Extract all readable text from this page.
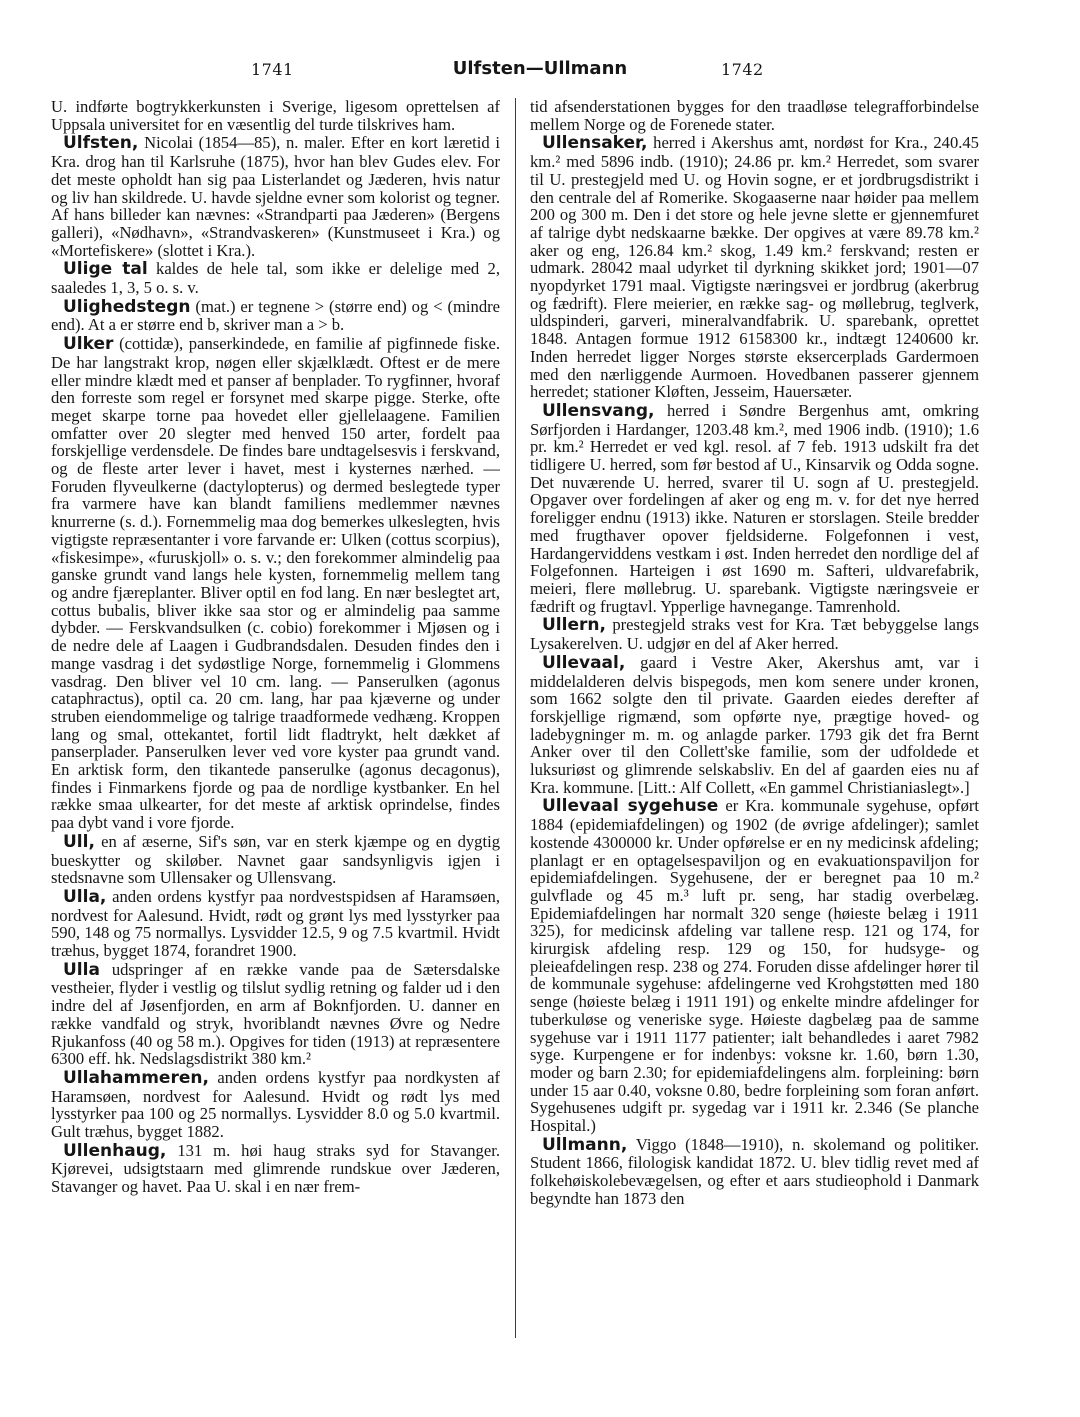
1741	Ulfsten—Ullmann	1742

U. indførte bogtrykkerkunsten i Sverige, ligesom oprettelsen af Uppsala universitet for en væsentlig del turde tilskrives ham.

Ulfsten, Nicolai (1854—85), n. maler. Efter en kort læretid i Kra. drog han til Karlsruhe (1875), hvor han blev Gudes elev. For det meste opholdt han sig paa Listerlandet og Jæderen, hvis natur og liv han skildrede. U. havde sjeldne evner som kolorist og tegner. Af hans billeder kan nævnes: «Strandparti paa Jæderen» (Bergens galleri), «Nødhavn», «Strandvaskeren» (Kunstmuseet i Kra.) og «Mortefiskere» (slottet i Kra.).

Ulige tal kaldes de hele tal, som ikke er delelige med 2, saaledes 1, 3, 5 o. s. v.

Ulighedstegn (mat.) er tegnene > (større end) og < (mindre end). At a er større end b, skriver man a > b.

Ulker (cottidæ), panserkindede, en familie af pigfinnede fiske. De har langstrakt krop, nøgen eller skjælklædt. Oftest er de mere eller mindre klædt med et panser af benplader. To rygfinner, hvoraf den forreste som regel er forsynet med skarpe pigge. Sterke, ofte meget skarpe torne paa hovedet eller gjellelaagene. Familien omfatter over 20 slegter med henved 150 arter, fordelt paa forskjellige verdensdele. De findes bare undtagelsesvis i ferskvand, og de fleste arter lever i havet, mest i kysternes nærhed. — Foruden flyveulkerne (dactylopterus) og dermed beslegtede typer fra varmere have kan blandt familiens medlemmer nævnes knurrerne (s. d.). Fornemmelig maa dog bemerkes ulkeslegten, hvis vigtigste repræsentanter i vore farvande er: Ulken (cottus scorpius), «fiskesimpe», «furuskjoll» o. s. v.; den forekommer almindelig paa ganske grundt vand langs hele kysten, fornemmelig mellem tang og andre fjæreplanter. Bliver optil en fod lang. En nær beslegtet art, cottus bubalis, bliver ikke saa stor og er almindelig paa samme dybder. — Ferskvandsulken (c. cobio) forekommer i Mjøsen og i de nedre dele af Laagen i Gudbrandsdalen. Desuden findes den i mange vasdrag i det sydøstlige Norge, fornemmelig i Glommens vasdrag. Den bliver vel 10 cm. lang. — Panserulken (agonus cataphractus), optil ca. 20 cm. lang, har paa kjæverne og under struben eiendommelige og talrige traadformede vedhæng. Kroppen lang og smal, ottekantet, fortil lidt fladtrykt, helt dækket af panserplader. Panserulken lever ved vore kyster paa grundt vand. En arktisk form, den tikantede panserulke (agonus decagonus), findes i Finmarkens fjorde og paa de nordlige kystbanker. En hel række smaa ulkearter, for det meste af arktisk oprindelse, findes paa dybt vand i vore fjorde.

Ull, en af æserne, Sif's søn, var en sterk kjæmpe og en dygtig bueskytter og skiløber. Navnet gaar sandsynligvis igjen i stedsnavne som Ullensaker og Ullensvang.

Ulla, anden ordens kystfyr paa nordvestspidsen af Haramsøen, nordvest for Aalesund. Hvidt, rødt og grønt lys med lysstyrker paa 590, 148 og 75 normallys. Lysvidder 12.5, 9 og 7.5 kvartmil. Hvidt træhus, bygget 1874, forandret 1900.

Ulla udspringer af en række vande paa de Sætersdalske vestheier, flyder i vestlig og tilslut sydlig retning og falder ud i den indre del af Jøsenfjorden, en arm af Boknfjorden. U. danner en række vandfald og stryk, hvoriblandt nævnes Øvre og Nedre Rjukanfoss (40 og 58 m.). Opgives for tiden (1913) at repræsentere 6300 eff. hk. Nedslagsdistrikt 380 km.²

Ullahammeren, anden ordens kystfyr paa nordkysten af Haramsøen, nordvest for Aalesund. Hvidt og rødt lys med lysstyrker paa 100 og 25 normallys. Lysvidder 8.0 og 5.0 kvartmil. Gult træhus, bygget 1882.

Ullenhaug, 131 m. høi haug straks syd for Stavanger. Kjørevei, udsigtstaarn med glimrende rundskue over Jæderen, Stavanger og havet. Paa U. skal i en nær frem-

tid afsenderstationen bygges for den traadløse telegrafforbindelse mellem Norge og de Forenede stater.

Ullensaker, herred i Akershus amt, nordøst for Kra., 240.45 km.² med 5896 indb. (1910); 24.86 pr. km.² Herredet, som svarer til U. prestegjeld med U. og Hovin sogne, er et jordbrugsdistrikt i den centrale del af Romerike. Skogaaserne naar høider paa mellem 200 og 300 m. Den i det store og hele jevne slette er gjennemfuret af talrige dybt nedskaarne bække. Der opgives at være 89.78 km.² aker og eng, 126.84 km.² skog, 1.49 km.² ferskvand; resten er udmark. 28042 maal udyrket til dyrkning skikket jord; 1901—07 nyopdyrket 1791 maal. Vigtigste næringsvei er jordbrug (akerbrug og fædrift). Flere meierier, en række sag- og møllebrug, teglverk, uldspinderi, garveri, mineralvandfabrik. U. sparebank, oprettet 1848. Antagen formue 1912 6158300 kr., indtægt 1240600 kr. Inden herredet ligger Norges største eksercerplads Gardermoen med den nærliggende Aurmoen. Hovedbanen passerer gjennem herredet; stationer Kløften, Jesseim, Hauersæter.

Ullensvang, herred i Søndre Bergenhus amt, omkring Sørfjorden i Hardanger, 1203.48 km.², med 1906 indb. (1910); 1.6 pr. km.² Herredet er ved kgl. resol. af 7 feb. 1913 udskilt fra det tidligere U. herred, som før bestod af U., Kinsarvik og Odda sogne. Det nuværende U. herred, svarer til U. sogn af U. prestegjeld. Opgaver over fordelingen af aker og eng m. v. for det nye herred foreligger endnu (1913) ikke. Naturen er storslagen. Steile bredder med frugthaver opover fjeldsiderne. Folgefonnen i vest, Hardangerviddens vestkam i øst. Inden herredet den nordlige del af Folgefonnen. Harteigen i øst 1690 m. Safteri, uldvarefabrik, meieri, flere møllebrug. U. sparebank. Vigtigste næringsveie er fædrift og frugtavl. Ypperlige havnegange. Tamrenhold.

Ullern, prestegjeld straks vest for Kra. Tæt bebyggelse langs Lysakerelven. U. udgjør en del af Aker herred.

Ullevaal, gaard i Vestre Aker, Akershus amt, var i middelalderen delvis bispegods, men kom senere under kronen, som 1662 solgte den til private. Gaarden eiedes derefter af forskjellige rigmænd, som opførte nye, prægtige hoved- og ladebygninger m. m. og anlagde parker. 1793 gik det fra Bernt Anker over til den Collett'ske familie, som der udfoldede et luksuriøst og glimrende selskabsliv. En del af gaarden eies nu af Kra. kommune. [Litt.: Alf Collett, «En gammel Christianiaslegt».]

Ullevaal sygehuse er Kra. kommunale sygehuse, opført 1884 (epidemiafdelingen) og 1902 (de øvrige afdelinger); samlet kostende 4300000 kr. Under opførelse er en ny medicinsk afdeling; planlagt er en optagelsespaviljon og en evakuationspaviljon for epidemiafdelingen. Sygehusene, der er beregnet paa 10 m.² gulvflade og 45 m.³ luft pr. seng, har stadig overbelæg. Epidemiafdelingen har normalt 320 senge (høieste belæg i 1911 325), for medicinsk afdeling var tallene resp. 121 og 174, for kirurgisk afdeling resp. 129 og 150, for hudsyge- og pleieafdelingen resp. 238 og 274. Foruden disse afdelinger hører til de kommunale sygehuse: afdelingerne ved Krohgstøtten med 180 senge (høieste belæg i 1911 191) og enkelte mindre afdelinger for tuberkuløse og veneriske syge. Høieste dagbelæg paa de samme sygehuse var i 1911 1177 patienter; ialt behandledes i aaret 7982 syge. Kurpengene er for indenbys: voksne kr. 1.60, børn 1.30, moder og barn 2.30; for epidemiafdelingens alm. forpleining: børn under 15 aar 0.40, voksne 0.80, bedre forpleining som foran anført. Sygehusenes udgift pr. sygedag var i 1911 kr. 2.346 (Se planche Hospital.)

Ullmann, Viggo (1848—1910), n. skolemand og politiker. Student 1866, filologisk kandidat 1872. U. blev tidlig revet med af folkehøiskolebevægelsen, og efter et aars studieophold i Danmark begyndte han 1873 den
